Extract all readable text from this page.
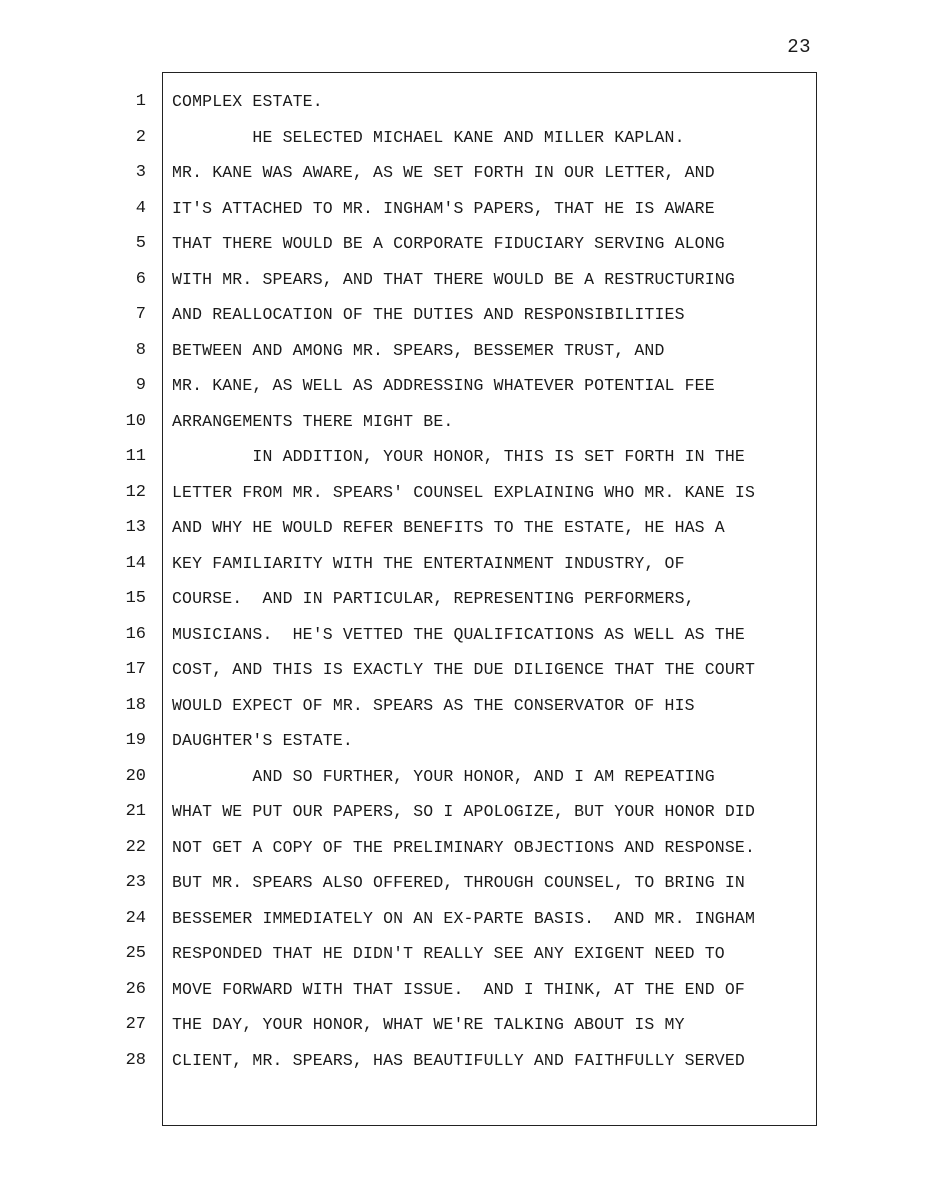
23
1
2
3
4
5
6
7
8
9
10
11
12
13
14
15
16
17
18
19
20
21
22
23
24
25
26
27
28
COMPLEX ESTATE.
HE SELECTED MICHAEL KANE AND MILLER KAPLAN.
MR. KANE WAS AWARE, AS WE SET FORTH IN OUR LETTER, AND
IT'S ATTACHED TO MR. INGHAM'S PAPERS, THAT HE IS AWARE
THAT THERE WOULD BE A CORPORATE FIDUCIARY SERVING ALONG
WITH MR. SPEARS, AND THAT THERE WOULD BE A RESTRUCTURING
AND REALLOCATION OF THE DUTIES AND RESPONSIBILITIES
BETWEEN AND AMONG MR. SPEARS, BESSEMER TRUST, AND
MR. KANE, AS WELL AS ADDRESSING WHATEVER POTENTIAL FEE
ARRANGEMENTS THERE MIGHT BE.
IN ADDITION, YOUR HONOR, THIS IS SET FORTH IN THE
LETTER FROM MR. SPEARS' COUNSEL EXPLAINING WHO MR. KANE IS
AND WHY HE WOULD REFER BENEFITS TO THE ESTATE, HE HAS A
KEY FAMILIARITY WITH THE ENTERTAINMENT INDUSTRY, OF
COURSE.  AND IN PARTICULAR, REPRESENTING PERFORMERS,
MUSICIANS.  HE'S VETTED THE QUALIFICATIONS AS WELL AS THE
COST, AND THIS IS EXACTLY THE DUE DILIGENCE THAT THE COURT
WOULD EXPECT OF MR. SPEARS AS THE CONSERVATOR OF HIS
DAUGHTER'S ESTATE.
AND SO FURTHER, YOUR HONOR, AND I AM REPEATING
WHAT WE PUT OUR PAPERS, SO I APOLOGIZE, BUT YOUR HONOR DID
NOT GET A COPY OF THE PRELIMINARY OBJECTIONS AND RESPONSE.
BUT MR. SPEARS ALSO OFFERED, THROUGH COUNSEL, TO BRING IN
BESSEMER IMMEDIATELY ON AN EX-PARTE BASIS.  AND MR. INGHAM
RESPONDED THAT HE DIDN'T REALLY SEE ANY EXIGENT NEED TO
MOVE FORWARD WITH THAT ISSUE.  AND I THINK, AT THE END OF
THE DAY, YOUR HONOR, WHAT WE'RE TALKING ABOUT IS MY
CLIENT, MR. SPEARS, HAS BEAUTIFULLY AND FAITHFULLY SERVED
